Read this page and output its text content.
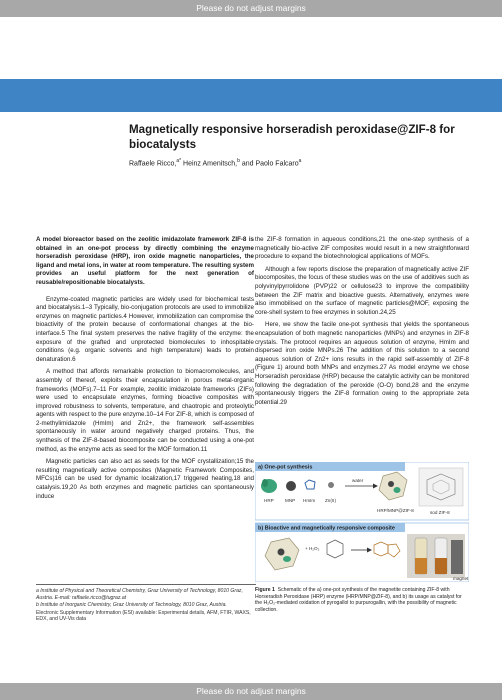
Please do not adjust margins
Magnetically responsive horseradish peroxidase@ZIF-8 for biocatalysts
Raffaele Ricco,$^{a*}$ Heinz Amenitsch,$^b$ and Paolo Falcaro$^a$

A model bioreactor based on the zeolitic imidazolate framework ZIF-8 is obtained in an one-pot process by directly combining the enzyme horseradish peroxidase (HRP), iron oxide magnetic nanoparticles, the ligand and metal ions, in water at room temperature. The resulting system provides an useful platform for the next generation of reusable/repositionable biocatalysts.

Enzyme-coated magnetic particles are widely used for biochemical tests and biocatalysis.1–3 Typically, bio-conjugation protocols are used to immobilize enzymes on magnetic particles.4 However, immobilization can compromise the bioactivity of the protein because of conformational changes at the bio-interface.5 The final system preserves the native fragility of the enzyme: the exposure of the grafted and unprotected biomolecules to inhospitable conditions (e.g. organic solvents and high temperature) leads to protein denaturation.6

A method that affords remarkable protection to biomacromolecules, and assembly of thereof, exploits their encapsulation in porous metal-organic frameworks (MOFs).7–11 For example, zeolitic imidazolate frameworks (ZIFs) were used to encapsulate enzymes, forming bioactive composites with improved robustness to solvents, temperature, and chaotropic and proteolytic agents with respect to the pure enzyme.10–14 For ZIF-8, which is composed of 2-methylimidazole (HmIm) and Zn2+, the framework self-assembles spontaneously in water around negatively charged proteins. Thus, the synthesis of the ZIF-8-based biocomposite can be conducted using a one-pot method, as the enzyme acts as seed for the MOF formation.11

Magnetic particles can also act as seeds for the MOF crystallization;15 the resulting magnetically active composites (Magnetic Framework Composites, MFCs)16 can be used for dynamic localization,17 triggered heating,18 and catalysis.19,20 As both enzymes and magnetic particles can spontaneously induce

the ZIF-8 formation in aqueous conditions,21 the one-step synthesis of a magnetically bio-active ZIF composites would result in a new straightforward procedure to expand the biotechnological applications of MOFs.

Although a few reports disclose the preparation of magnetically active ZIF biocomposites, the focus of these studies was on the use of additives such as polyvinylpyrrolidone (PVP)22 or cellulose23 to improve the compatibility between the ZIF matrix and bioactive guests. Alternatively, enzymes were also immobilised on the surface of magnetic particles@MOF, exposing the core-shell system to free enzymes in solution.24,25

Here, we show the facile one-pot synthesis that yields the spontaneous encapsulation of both magnetic nanoparticles (MNPs) and enzymes in ZIF-8 crystals. The protocol requires an aqueous solution of enzyme, HmIm and dispersed iron oxide MNPs.26 The addition of this solution to a second aqueous solution of Zn2+ ions results in the rapid self-assembly of ZIF-8 (Figure 1) around both MNPs and enzymes.27 As model enzyme we chose Horseradish peroxidase (HRP) because the catalytic activity can be monitored following the degradation of the peroxide (O-O) bond,28 and the enzyme spontaneously triggers the ZIF-8 formation owing to the appropriate zeta potential.29

a) One-pot synthesis
HRP MNP HmIm Zn(II)
water
HRP/MNP@ZIF-8	sod ZIF-8
b) Bioactive and magnetically responsive composite
+ H₂O₂
magnet
Figure 1 Schematic of the a) one-pot synthesis of the magnetite containing ZIF-8 with Horseradish Peroxidase (HRP) enzyme (HRP/MNP@ZIF-8), and b) its usage as catalyst for the H₂O₂-mediated oxidation of pyrogallol to purpurogallin, with the possibility of magnetic collection.

a Institute of Physical and Theoretical Chemistry, Graz University of Technology, 8010 Graz, Austria. E-mail: raffaele.ricco@tugraz.at

b Institute of Inorganic Chemistry, Graz University of Technology, 8010 Graz, Austria.

Electronic Supplementary Information (ESI) available: Experimental details, AFM, FTIR, WAXS, EDX, and UV-Vis data

Please do not adjust margins
